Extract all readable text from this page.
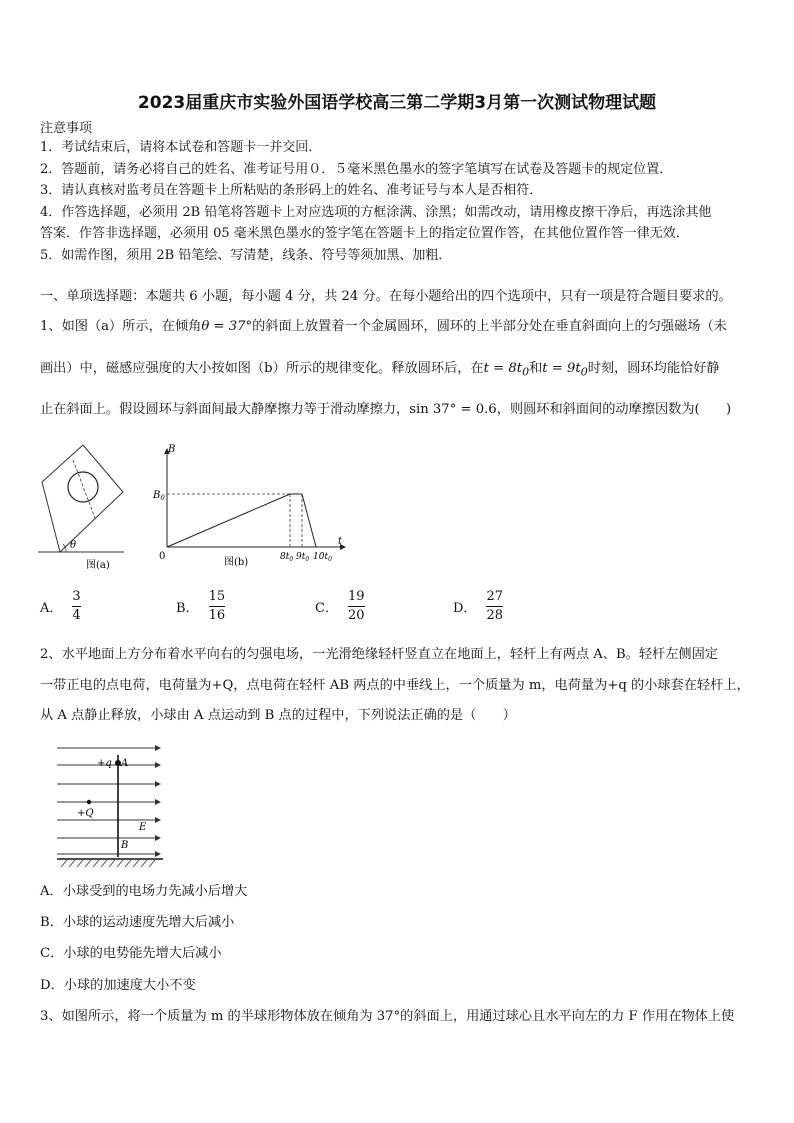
2023届重庆市实验外国语学校高三第二学期3月第一次测试物理试题
注意事项
1．考试结束后，请将本试卷和答题卡一并交回．
2．答题前，请务必将自己的姓名、准考证号用０．５毫米黑色墨水的签字笔填写在试卷及答题卡的规定位置．
3．请认真核对监考员在答题卡上所粘贴的条形码上的姓名、准考证号与本人是否相符．
4．作答选择题，必须用 2B 铅笔将答题卡上对应选项的方框涂满、涂黑；如需改动，请用橡皮擦干净后，再选涂其他
答案．作答非选择题，必须用 05 毫米黑色墨水的签字笔在答题卡上的指定位置作答，在其他位置作答一律无效．
5．如需作图，须用 2B 铅笔绘、写清楚，线条、符号等须加黑、加粗．
一、单项选择题：本题共 6 小题，每小题 4 分，共 24 分。在每小题给出的四个选项中，只有一项是符合题目要求的。
1、如图（a）所示，在倾角θ = 37°的斜面上放置着一个金属圆环，圆环的上半部分处在垂直斜面向上的匀强磁场（未
画出）中，磁感应强度的大小按如图（b）所示的规律变化。释放圆环后，在$t = 8t_0$和$t = 9t_0$时刻，圆环均能恰好静
止在斜面上。假设圆环与斜面间最大静摩擦力等于滑动摩擦力，sin 37° = 0.6，则圆环和斜面间的动摩擦因数为(　　)
θ
图(a)
B
t
$B_0$
0	$8t_0$ $9t_0$ $10t_0$
图(b)
A． $\frac{3}{4}$	B． $\frac{15}{16}$	C． $\frac{19}{20}$	D． $\frac{27}{28}$
2、水平地面上方分布着水平向右的匀强电场，一光滑绝缘轻杆竖直立在地面上，轻杆上有两点 A、B。轻杆左侧固定
一带正电的点电荷，电荷量为+Q，点电荷在轻杆 AB 两点的中垂线上，一个质量为 m，电荷量为+q 的小球套在轻杆上，
从 A 点静止释放，小球由 A 点运动到 B 点的过程中，下列说法正确的是（　　）
+q A
+Q
E
B
A．小球受到的电场力先减小后增大
B．小球的运动速度先增大后减小
C．小球的电势能先增大后减小
D．小球的加速度大小不变
3、如图所示，将一个质量为 m 的半球形物体放在倾角为 37°的斜面上，用通过球心且水平向左的力 F 作用在物体上使
